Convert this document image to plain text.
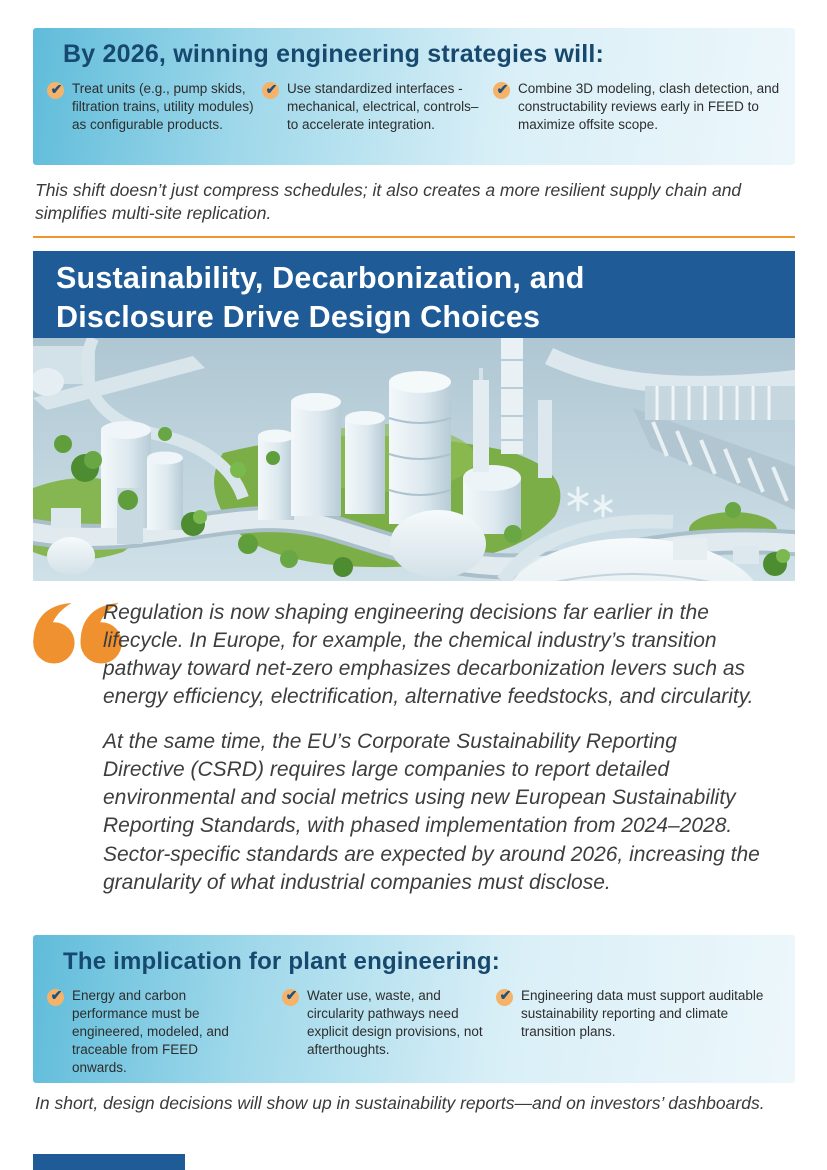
By 2026, winning engineering strategies will:
✔ Treat units (e.g., pump skids, filtration trains, utility modules) as configurable products.

✔ Use standardized interfaces - mechanical, electrical, controls–to accelerate integration.

✔ Combine 3D modeling, clash detection, and constructability reviews early in FEED to maximize offsite scope.

This shift doesn’t just compress schedules; it also creates a more resilient supply chain and simplifies multi-site replication.

Sustainability, Decarbonization, and
Disclosure Drive Design Choices

Regulation is now shaping engineering decisions far earlier in the lifecycle. In Europe, for example, the chemical industry’s transition pathway toward net-zero emphasizes decarbonization levers such as energy efficiency, electrification, alternative feedstocks, and circularity.

At the same time, the EU’s Corporate Sustainability Reporting Directive (CSRD) requires large companies to report detailed environmental and social metrics using new European Sustainability Reporting Standards, with phased implementation from 2024–2028. Sector-specific standards are expected by around 2026, increasing the granularity of what industrial companies must disclose.

The implication for plant engineering:
✔ Energy and carbon performance must be engineered, modeled, and traceable from FEED onwards.

✔ Water use, waste, and circularity pathways need explicit design provisions, not afterthoughts.

✔ Engineering data must support auditable sustainability reporting and climate transition plans.

In short, design decisions will show up in sustainability reports—and on investors’ dashboards.
